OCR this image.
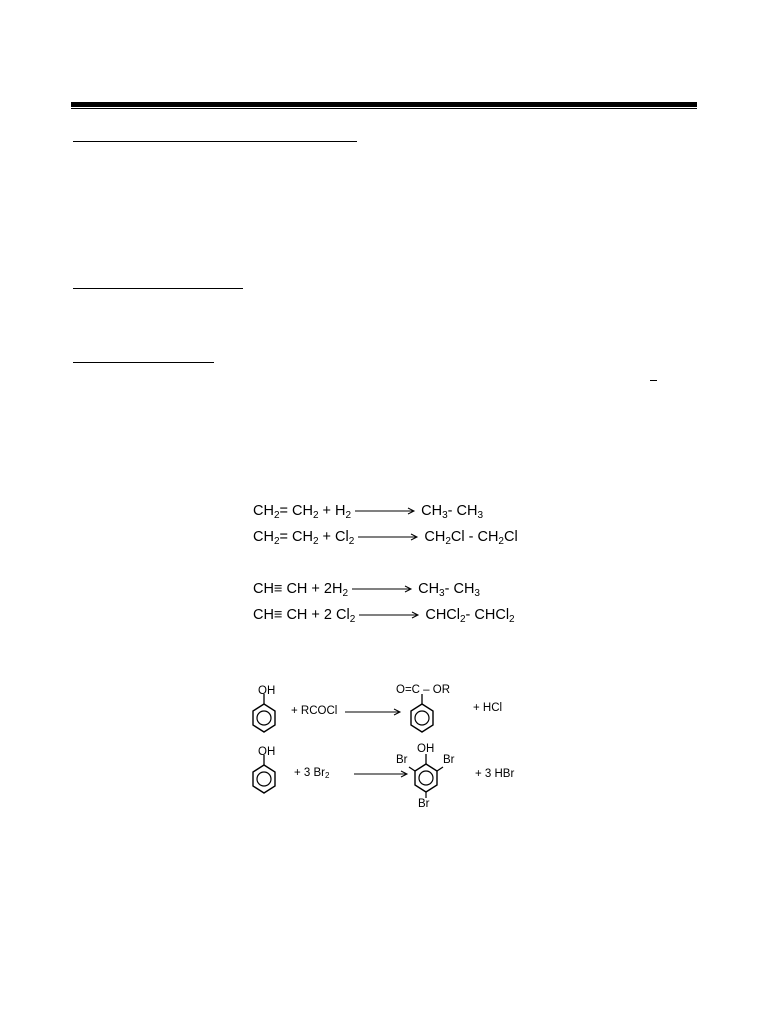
$CH_2= CH_2 + H_2$	$CH_3-$ $CH_3$
$CH_2= CH_2 + Cl_2$	$CH_2Cl - CH_2Cl$
CH≡ CH + $2H_2$	$CH_3-$ $CH_3$
CH≡ CH + 2 $Cl_2$	CHCl$_2$- CHCl$_2$
OH
+ RCOCl →
O=C – OR
+ HCl
OH
+ 3 $Br_2$
Br
OH
Br
Br
+ 3 HBr
